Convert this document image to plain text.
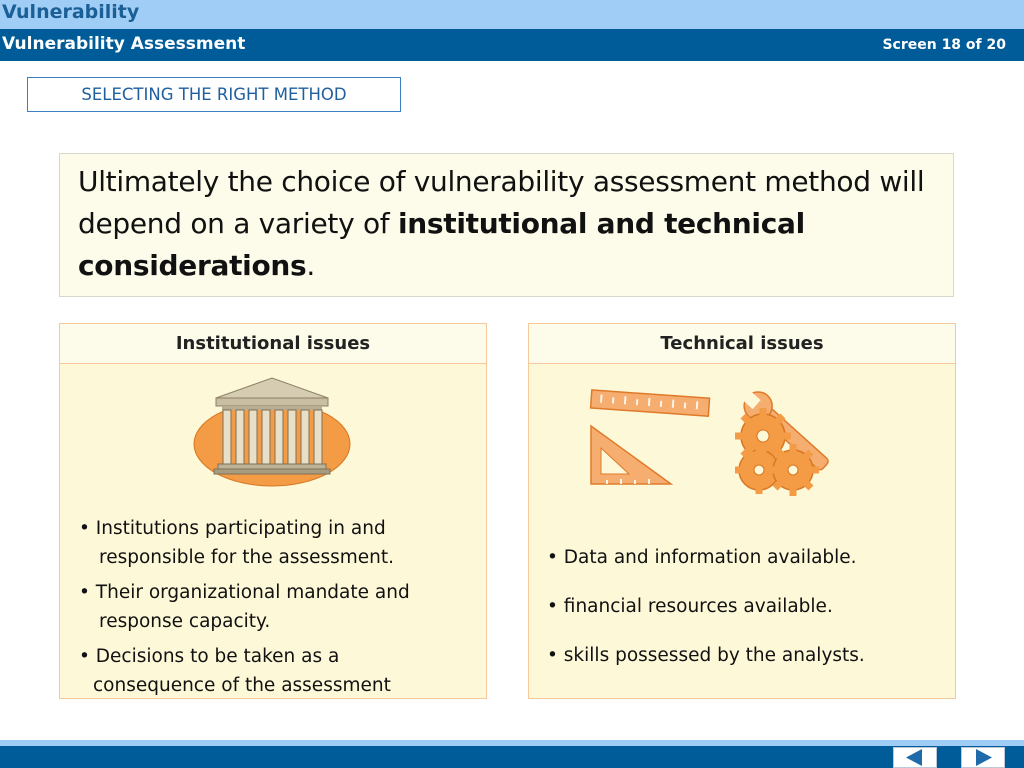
Vulnerability
Vulnerability Assessment	Screen 18 of 20
SELECTING THE RIGHT METHOD
Ultimately the choice of vulnerability assessment method will depend on a variety of institutional and technical considerations.
Institutional issues
• Institutions participating in and
responsible for the assessment.
• Their organizational mandate and
response capacity.
• Decisions to be taken as a
consequence of the assessment
Technical issues
• Data and information available.
• financial resources available.
• skills possessed by the analysts.
